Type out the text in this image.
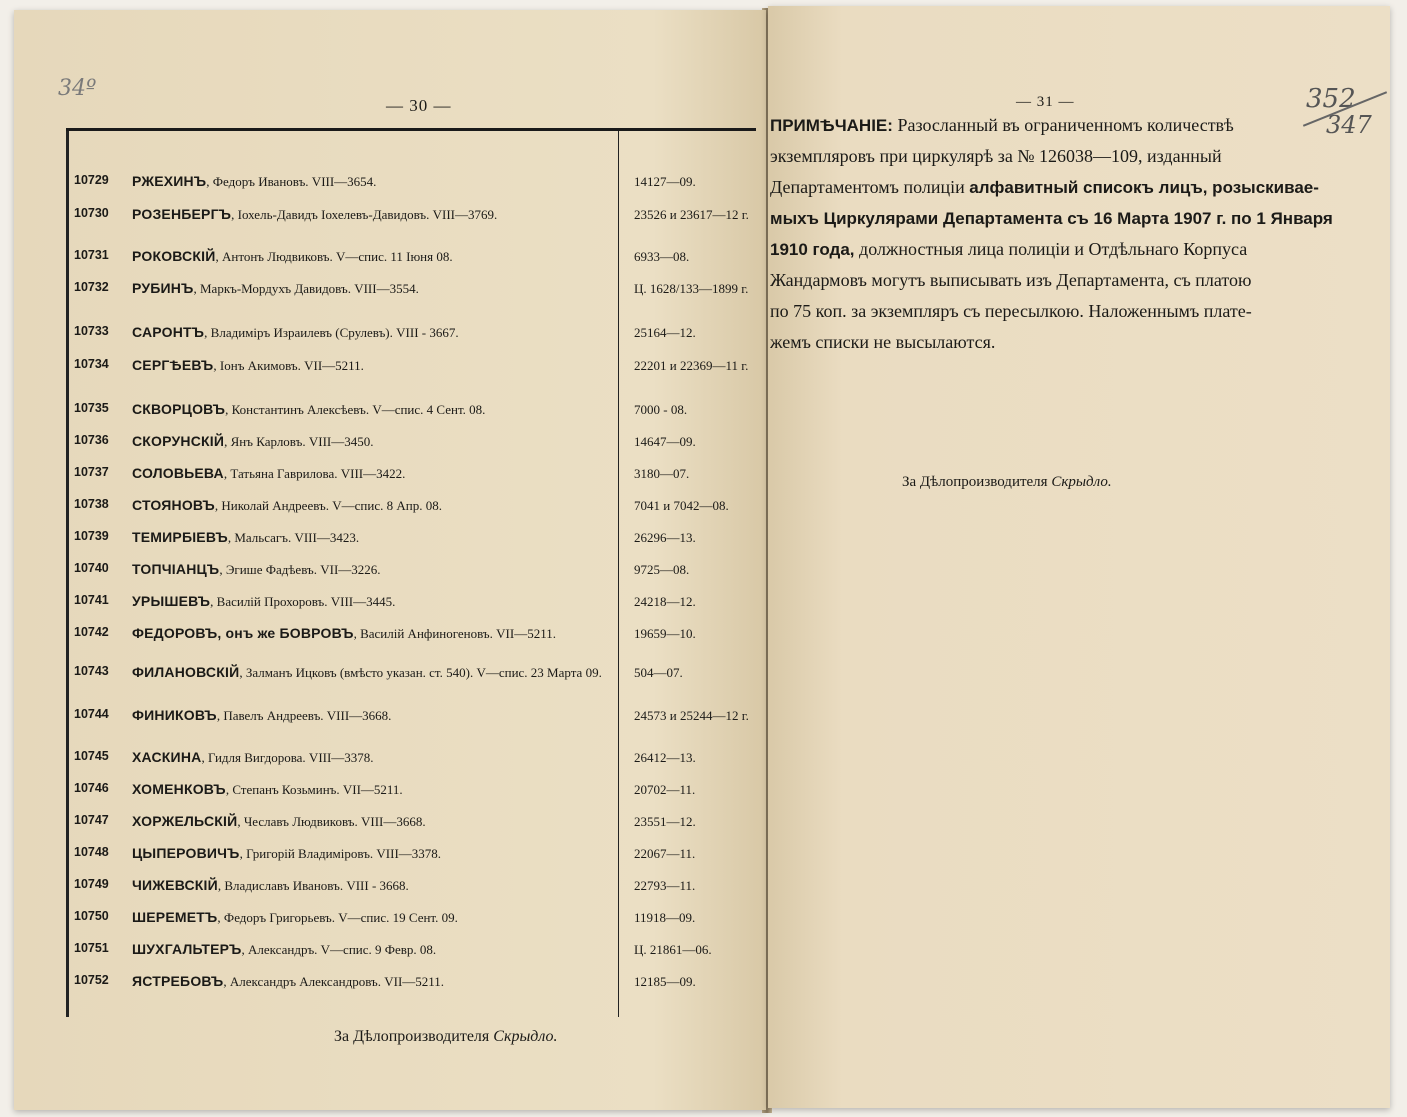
34º
— 30 —
10729 РЖЕХИНЪ, Федоръ Ивановъ. VIII—3654.	14127—09.
10730 РОЗЕНБЕРГЪ, Іохель-Давидъ Іохелевъ-Давидовъ. VIII—3769.	23526 и 23617—12 г.
10731 РОКОВСКІЙ, Антонъ Людвиковъ. V—спис. 11 Іюня 08.	6933—08.
10732 РУБИНЪ, Маркъ-Мордухъ Давидовъ. VIII—3554.	Ц. 1628/133—1899 г.
10733 САРОНТЪ, Владиміръ Израилевъ (Срулевъ). VIII - 3667.	25164—12.
10734 СЕРГѢЕВЪ, Іонъ Акимовъ. VII—5211.	22201 и 22369—11 г.
10735 СКВОРЦОВЪ, Константинъ Алексѣевъ. V—спис. 4 Сент. 08.	7000 - 08.
10736 СКОРУНСКІЙ, Янъ Карловъ. VIII—3450.	14647—09.
10737 СОЛОВЬЕВА, Татьяна Гаврилова. VIII—3422.	3180—07.
10738 СТОЯНОВЪ, Николай Андреевъ. V—спис. 8 Апр. 08.	7041 и 7042—08.
10739 ТЕМИРБІЕВЪ, Мальсагъ. VIII—3423.	26296—13.
10740 ТОПЧІАНЦЪ, Эгише Фадѣевъ. VII—3226.	9725—08.
10741 УРЫШЕВЪ, Василій Прохоровъ. VIII—3445.	24218—12.
10742 ФЕДОРОВЪ, онъ же БОВРОВЪ, Василій Анфиногеновъ. VII—5211.	19659—10.
10743 ФИЛАНОВСКІЙ, Залманъ Ицковъ (вмѣсто указан. ст. 540). V—спис. 23 Марта 09.	504—07.
10744 ФИНИКОВЪ, Павелъ Андреевъ. VIII—3668.	24573 и 25244—12 г.
10745 ХАСКИНА, Гидля Вигдорова. VIII—3378.	26412—13.
10746 ХОМЕНКОВЪ, Степанъ Козьминъ. VII—5211.	20702—11.
10747 ХОРЖЕЛЬСКІЙ, Чеславъ Людвиковъ. VIII—3668.	23551—12.
10748 ЦЫПЕРОВИЧЪ, Григорій Владиміровъ. VIII—3378.	22067—11.
10749 ЧИЖЕВСКІЙ, Владиславъ Ивановъ. VIII - 3668.	22793—11.
10750 ШЕРЕМЕТЪ, Федоръ Григорьевъ. V—спис. 19 Сент. 09.	11918—09.
10751 ШУХГАЛЬТЕРЪ, Александръ. V—спис. 9 Февр. 08.	Ц. 21861—06.
10752 ЯСТРЕБОВЪ, Александръ Александровъ. VII—5211.	12185—09.
За Дѣлопроизводителя Скрыдло.
352
347
— 31 —
ПРИМѢЧАНІЕ: Разосланный въ ограниченномъ количествѣ
экземпляровъ при циркулярѣ за № 126038—109, изданный
Департаментомъ полиціи алфавитный списокъ лицъ, розыскивае-
мыхъ Циркулярами Департамента съ 16 Марта 1907 г. по 1 Января
1910 года, должностныя лица полиціи и Отдѣльнаго Корпуса
Жандармовъ могутъ выписывать изъ Департамента, съ платою
по 75 коп. за экземпляръ съ пересылкою. Наложеннымъ плате-
жемъ списки не высылаются.
За Дѣлопроизводителя Скрыдло.
